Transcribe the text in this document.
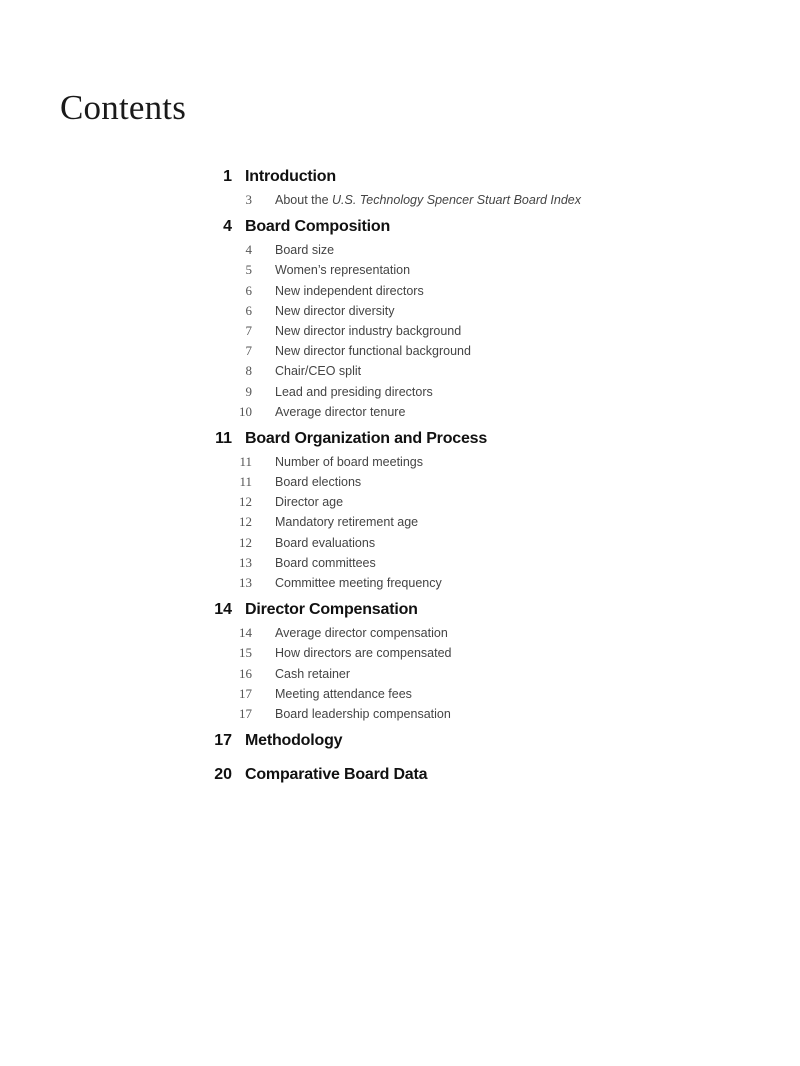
Contents
1 Introduction
3 About the U.S. Technology Spencer Stuart Board Index
4 Board Composition
4 Board size
5 Women’s representation
6 New independent directors
6 New director diversity
7 New director industry background
7 New director functional background
8 Chair/CEO split
9 Lead and presiding directors
10 Average director tenure
11 Board Organization and Process
11 Number of board meetings
11 Board elections
12 Director age
12 Mandatory retirement age
12 Board evaluations
13 Board committees
13 Committee meeting frequency
14 Director Compensation
14 Average director compensation
15 How directors are compensated
16 Cash retainer
17 Meeting attendance fees
17 Board leadership compensation
17 Methodology
20 Comparative Board Data
